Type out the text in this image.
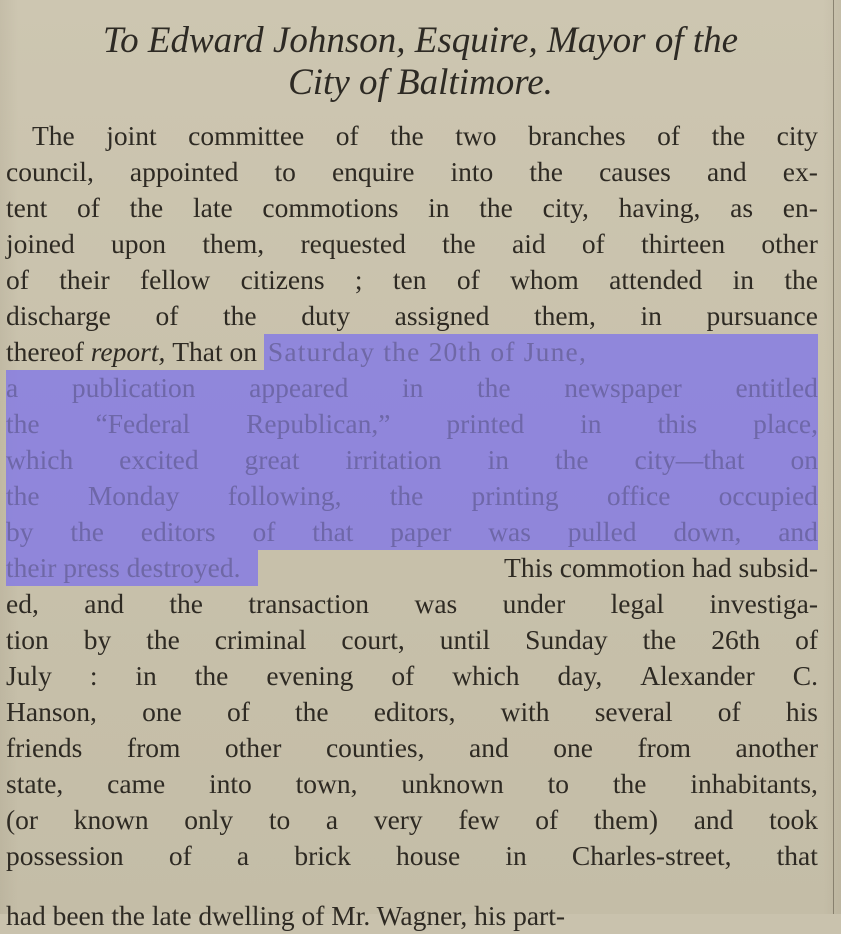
To Edward Johnson, Esquire, Mayor of the
City of Baltimore.
The joint committee of the two branches of the city
council, appointed to enquire into the causes and ex-
tent of the late commotions in the city, having, as en-
joined upon them, requested the aid of thirteen other
of their fellow citizens ; ten of whom attended in the
discharge of the duty assigned them, in pursuance
thereof report, That on Saturday the 20th of June,
a publication appeared in the newspaper entitled
the “Federal Republican,” printed in this place,
which excited great irritation in the city—that on
the Monday following, the printing office occupied
by the editors of that paper was pulled down, and
their press destroyed.	This commotion had subsid-
ed, and the transaction was under legal investiga-
tion by the criminal court, until Sunday the 26th of
July : in the evening of which day, Alexander C.
Hanson, one of the editors, with several of his
friends from other counties, and one from another
state, came into town, unknown to the inhabitants,
(or known only to a very few of them) and took
possession of a brick house in Charles-street, that
had been the late dwelling of Mr. Wagner, his part-
